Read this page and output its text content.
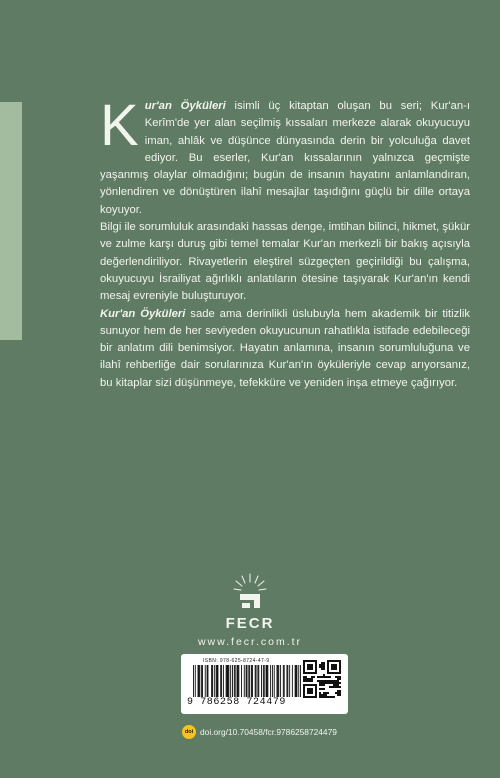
Kur'an Öyküleri isimli üç kitaptan oluşan bu seri; Kur'an-ı Kerîm'de yer alan seçilmiş kıssaları merkeze alarak okuyucuyu iman, ahlâk ve düşünce dünyasında derin bir yolculuğa davet ediyor. Bu eserler, Kur'an kıssalarının yalnızca geçmişte yaşanmış olaylar olmadığını; bugün de insanın hayatını anlamlandıran, yönlendiren ve dönüştüren ilahî mesajlar taşıdığını güçlü bir dille ortaya koyuyor.

Bilgi ile sorumluluk arasındaki hassas denge, imtihan bilinci, hikmet, şükür ve zulme karşı duruş gibi temel temalar Kur'an merkezli bir bakış açısıyla değerlendiriliyor. Rivayetlerin eleştirel süzgeçten geçirildiği bu çalışma, okuyucuyu İsrailiyat ağırlıklı anlatıların ötesine taşıyarak Kur'an'ın kendi mesaj evreniyle buluşturuyor.

Kur'an Öyküleri sade ama derinlikli üslubuyla hem akademik bir titizlik sunuyor hem de her seviyeden okuyucunun rahatlıkla istifade edebileceği bir anlatım dili benimsiyor. Hayatın anlamına, insanın sorumluluğuna ve ilahî rehberliğe dair sorularınıza Kur'an'ın öyküleriyle cevap arıyorsanız, bu kitaplar sizi düşünmeye, tefekküre ve yeniden inşa etmeye çağırıyor.

FECR
www.fecr.com.tr
ISBN: 978-625-8724-47-9
9 786258 724479
doi doi.org/10.70458/fcr.9786258724479
